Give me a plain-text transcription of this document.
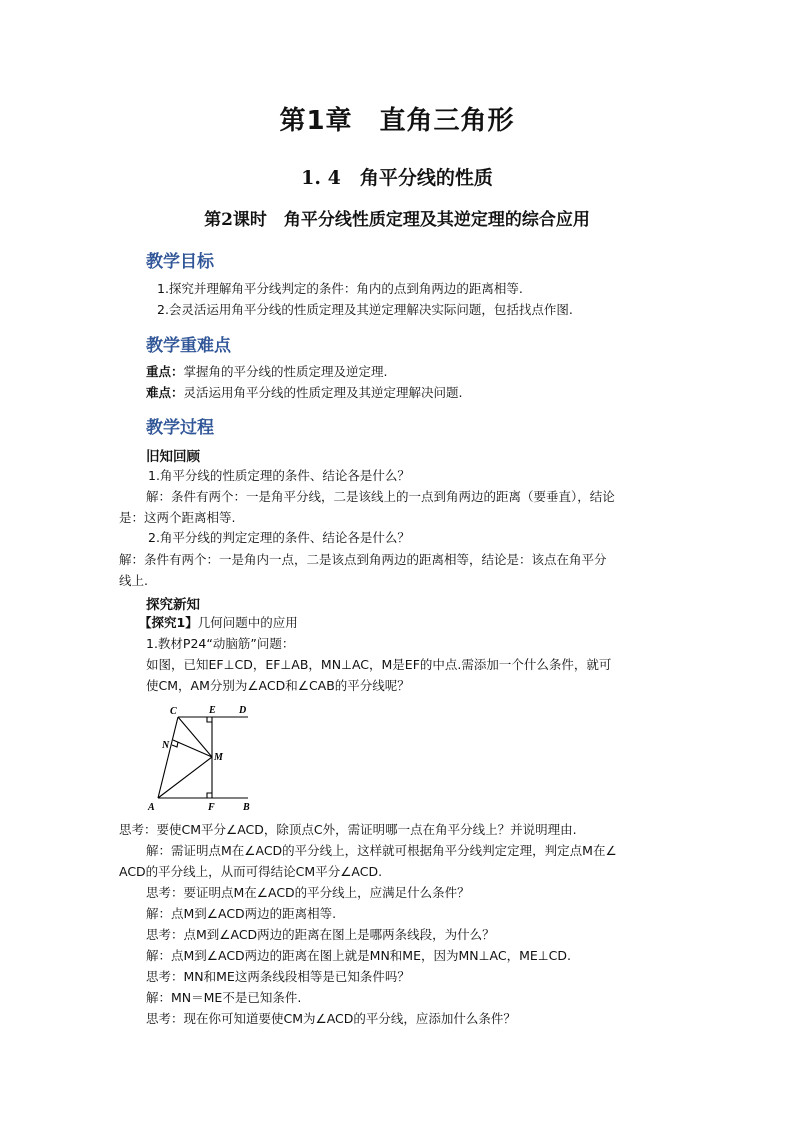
第1章　直角三角形
1. 4　角平分线的性质
第2课时　角平分线性质定理及其逆定理的综合应用
教学目标
1.探究并理解角平分线判定的条件：角内的点到角两边的距离相等.
2.会灵活运用角平分线的性质定理及其逆定理解决实际问题，包括找点作图.
教学重难点
重点：掌握角的平分线的性质定理及逆定理.
难点：灵活运用角平分线的性质定理及其逆定理解决问题.
教学过程
旧知回顾
1.角平分线的性质定理的条件、结论各是什么？
解：条件有两个：一是角平分线，二是该线上的一点到角两边的距离（要垂直），结论
是：这两个距离相等.
2.角平分线的判定定理的条件、结论各是什么？
解：条件有两个：一是角内一点，二是该点到角两边的距离相等，结论是：该点在角平分
线上.
探究新知
【探究1】几何问题中的应用
1.教材P24“动脑筋”问题：
如图，已知EF⊥CD，EF⊥AB，MN⊥AC，M是EF的中点.需添加一个什么条件，就可
使CM，AM分别为∠ACD和∠CAB的平分线呢？
C	E D
N
M
A	F	B
思考：要使CM平分∠ACD，除顶点C外，需证明哪一点在角平分线上？并说明理由.
解：需证明点M在∠ACD的平分线上，这样就可根据角平分线判定定理，判定点M在∠
ACD的平分线上，从而可得结论CM平分∠ACD.
思考：要证明点M在∠ACD的平分线上，应满足什么条件？
解：点M到∠ACD两边的距离相等.
思考：点M到∠ACD两边的距离在图上是哪两条线段，为什么？
解：点M到∠ACD两边的距离在图上就是MN和ME，因为MN⊥AC，ME⊥CD.
思考：MN和ME这两条线段相等是已知条件吗？
解：MN＝ME不是已知条件.
思考：现在你可知道要使CM为∠ACD的平分线，应添加什么条件？
